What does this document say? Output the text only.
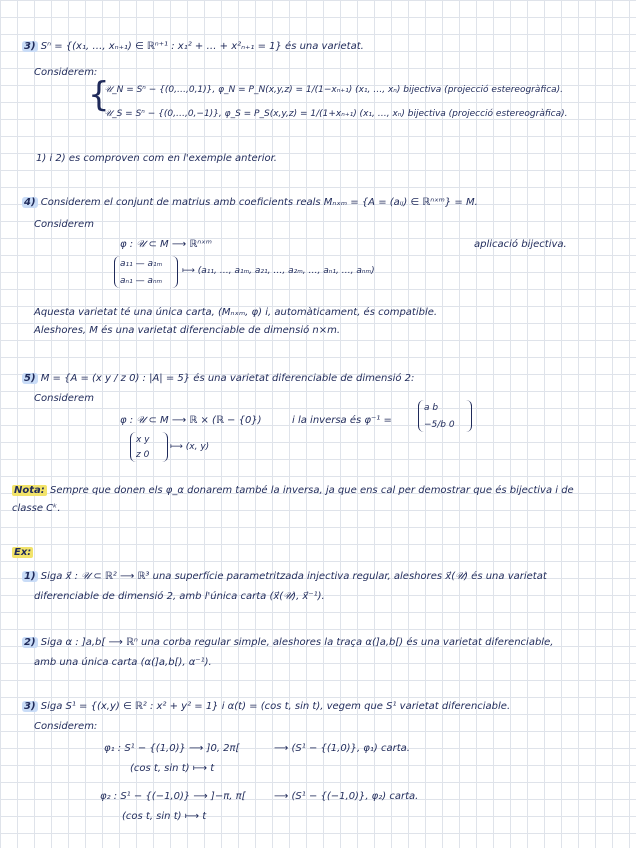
3) Sⁿ = {(x₁, …, xₙ₊₁) ∈ ℝⁿ⁺¹ : x₁² + … + x²ₙ₊₁ = 1} és una varietat.
Considerem:
{
𝒰_N = Sⁿ − {(0,…,0,1)}, φ_N = P_N(x,y,z) = 1/(1−xₙ₊₁) (x₁, …, xₙ) bijectiva (projecció estereogràfica).
𝒰_S = Sⁿ − {(0,…,0,−1)}, φ_S = P_S(x,y,z) = 1/(1+xₙ₊₁) (x₁, …, xₙ) bijectiva (projecció estereogràfica).
1) i 2) es comproven com en l'exemple anterior.
4) Considerem el conjunt de matrius amb coeficients reals Mₙₓₘ = {A = (aᵢⱼ) ∈ ℝⁿˣᵐ} = M.
Considerem
φ : 𝒰 ⊂ M ⟶ ℝⁿˣᵐ	aplicació bijectiva.
a₁₁ — a₁ₘ
aₙ₁ — aₙₘ
⟼ (a₁₁, …, a₁ₘ, a₂₁, …, a₂ₘ, …, aₙ₁, …, aₙₘ)
Aquesta varietat té una única carta, (Mₙₓₘ, φ) i, automàticament, és compatible.
Aleshores, M és una varietat diferenciable de dimensió n×m.
5) M = {A = (x y / z 0) : |A| = 5} és una varietat diferenciable de dimensió 2:
Considerem
φ : 𝒰 ⊂ M ⟶ ℝ × (ℝ − {0})	i la inversa és φ⁻¹ =
a b
−5/b 0
x y
z 0
⟼ (x, y)
Nota: Sempre que donen els φ_α donarem també la inversa, ja que ens cal per demostrar que és bijectiva i de
classe Cᵏ.
Ex:
1) Siga x⃗ : 𝒰 ⊂ ℝ² ⟶ ℝ³ una superfície parametritzada injectiva regular, aleshores x⃗(𝒰) és una varietat
diferenciable de dimensió 2, amb l'única carta (x⃗(𝒰), x⃗⁻¹).
2) Siga α : ]a,b[ ⟶ ℝⁿ una corba regular simple, aleshores la traça α(]a,b[) és una varietat diferenciable,
amb una única carta (α(]a,b[), α⁻¹).
3) Siga S¹ = {(x,y) ∈ ℝ² : x² + y² = 1} i α(t) = (cos t, sin t), vegem que S¹ varietat diferenciable.
Considerem:
φ₁ : S¹ − {(1,0)} ⟶ ]0, 2π[	⟶ (S¹ − {(1,0)}, φ₁) carta.
(cos t, sin t) ⟼ t
φ₂ : S¹ − {(−1,0)} ⟶ ]−π, π[	⟶ (S¹ − {(−1,0)}, φ₂) carta.
(cos t, sin t) ⟼ t
